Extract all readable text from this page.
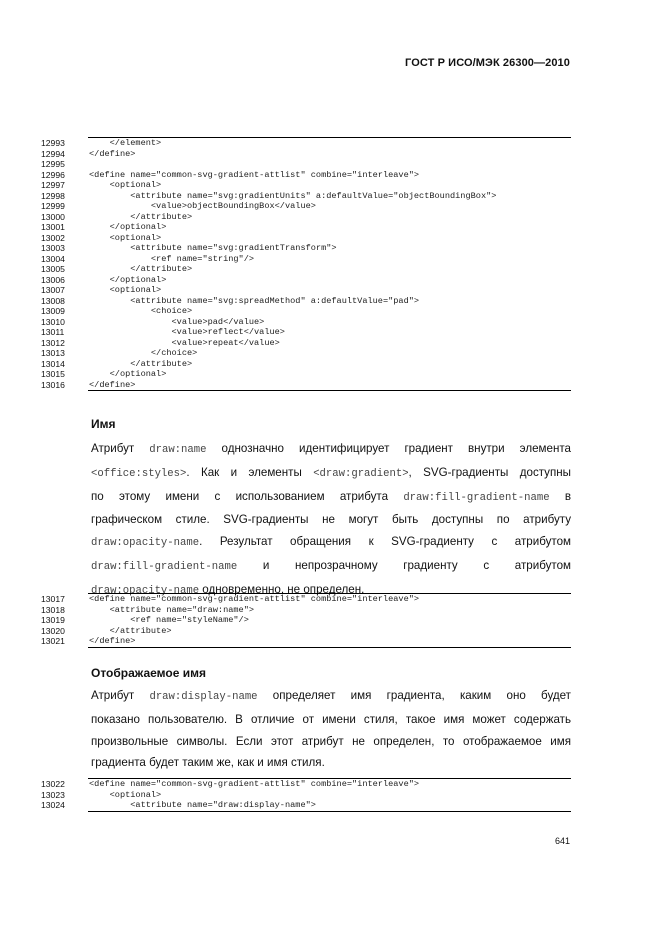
ГОСТ Р ИСО/МЭК 26300—2010
12993	</element>
12994	</define>
12995
12996	<define name="common-svg-gradient-attlist" combine="interleave">
12997	<optional>
12998	<attribute name="svg:gradientUnits" a:defaultValue="objectBoundingBox">
12999	<value>objectBoundingBox</value>
13000	</attribute>
13001	</optional>
13002	<optional>
13003	<attribute name="svg:gradientTransform">
13004	<ref name="string"/>
13005	</attribute>
13006	</optional>
13007	<optional>
13008	<attribute name="svg:spreadMethod" a:defaultValue="pad">
13009	<choice>
13010	<value>pad</value>
13011	<value>reflect</value>
13012	<value>repeat</value>
13013	</choice>
13014	</attribute>
13015	</optional>
13016	</define>
Имя
Атрибут draw:name однозначно идентифицирует градиент внутри элемента
<office:styles>. Как и элементы <draw:gradient>, SVG-градиенты доступны
по этому имени с использованием атрибута draw:fill-gradient-name в
графическом стиле. SVG-градиенты не могут быть доступны по атрибуту
draw:opacity-name. Результат обращения к SVG-градиенту с атрибутом
draw:fill-gradient-name и непрозрачному градиенту с атрибутом
draw:opacity-name одновременно, не определен.
13017	<define name="common-svg-gradient-attlist" combine="interleave">
13018	<attribute name="draw:name">
13019	<ref name="styleName"/>
13020	</attribute>
13021	</define>
Отображаемое имя
Атрибут draw:display-name определяет имя градиента, каким оно будет
показано пользователю. В отличие от имени стиля, такое имя может содержать
произвольные символы. Если этот атрибут не определен, то отображаемое имя
градиента будет таким же, как и имя стиля.
13022	<define name="common-svg-gradient-attlist" combine="interleave">
13023	<optional>
13024	<attribute name="draw:display-name">
641
